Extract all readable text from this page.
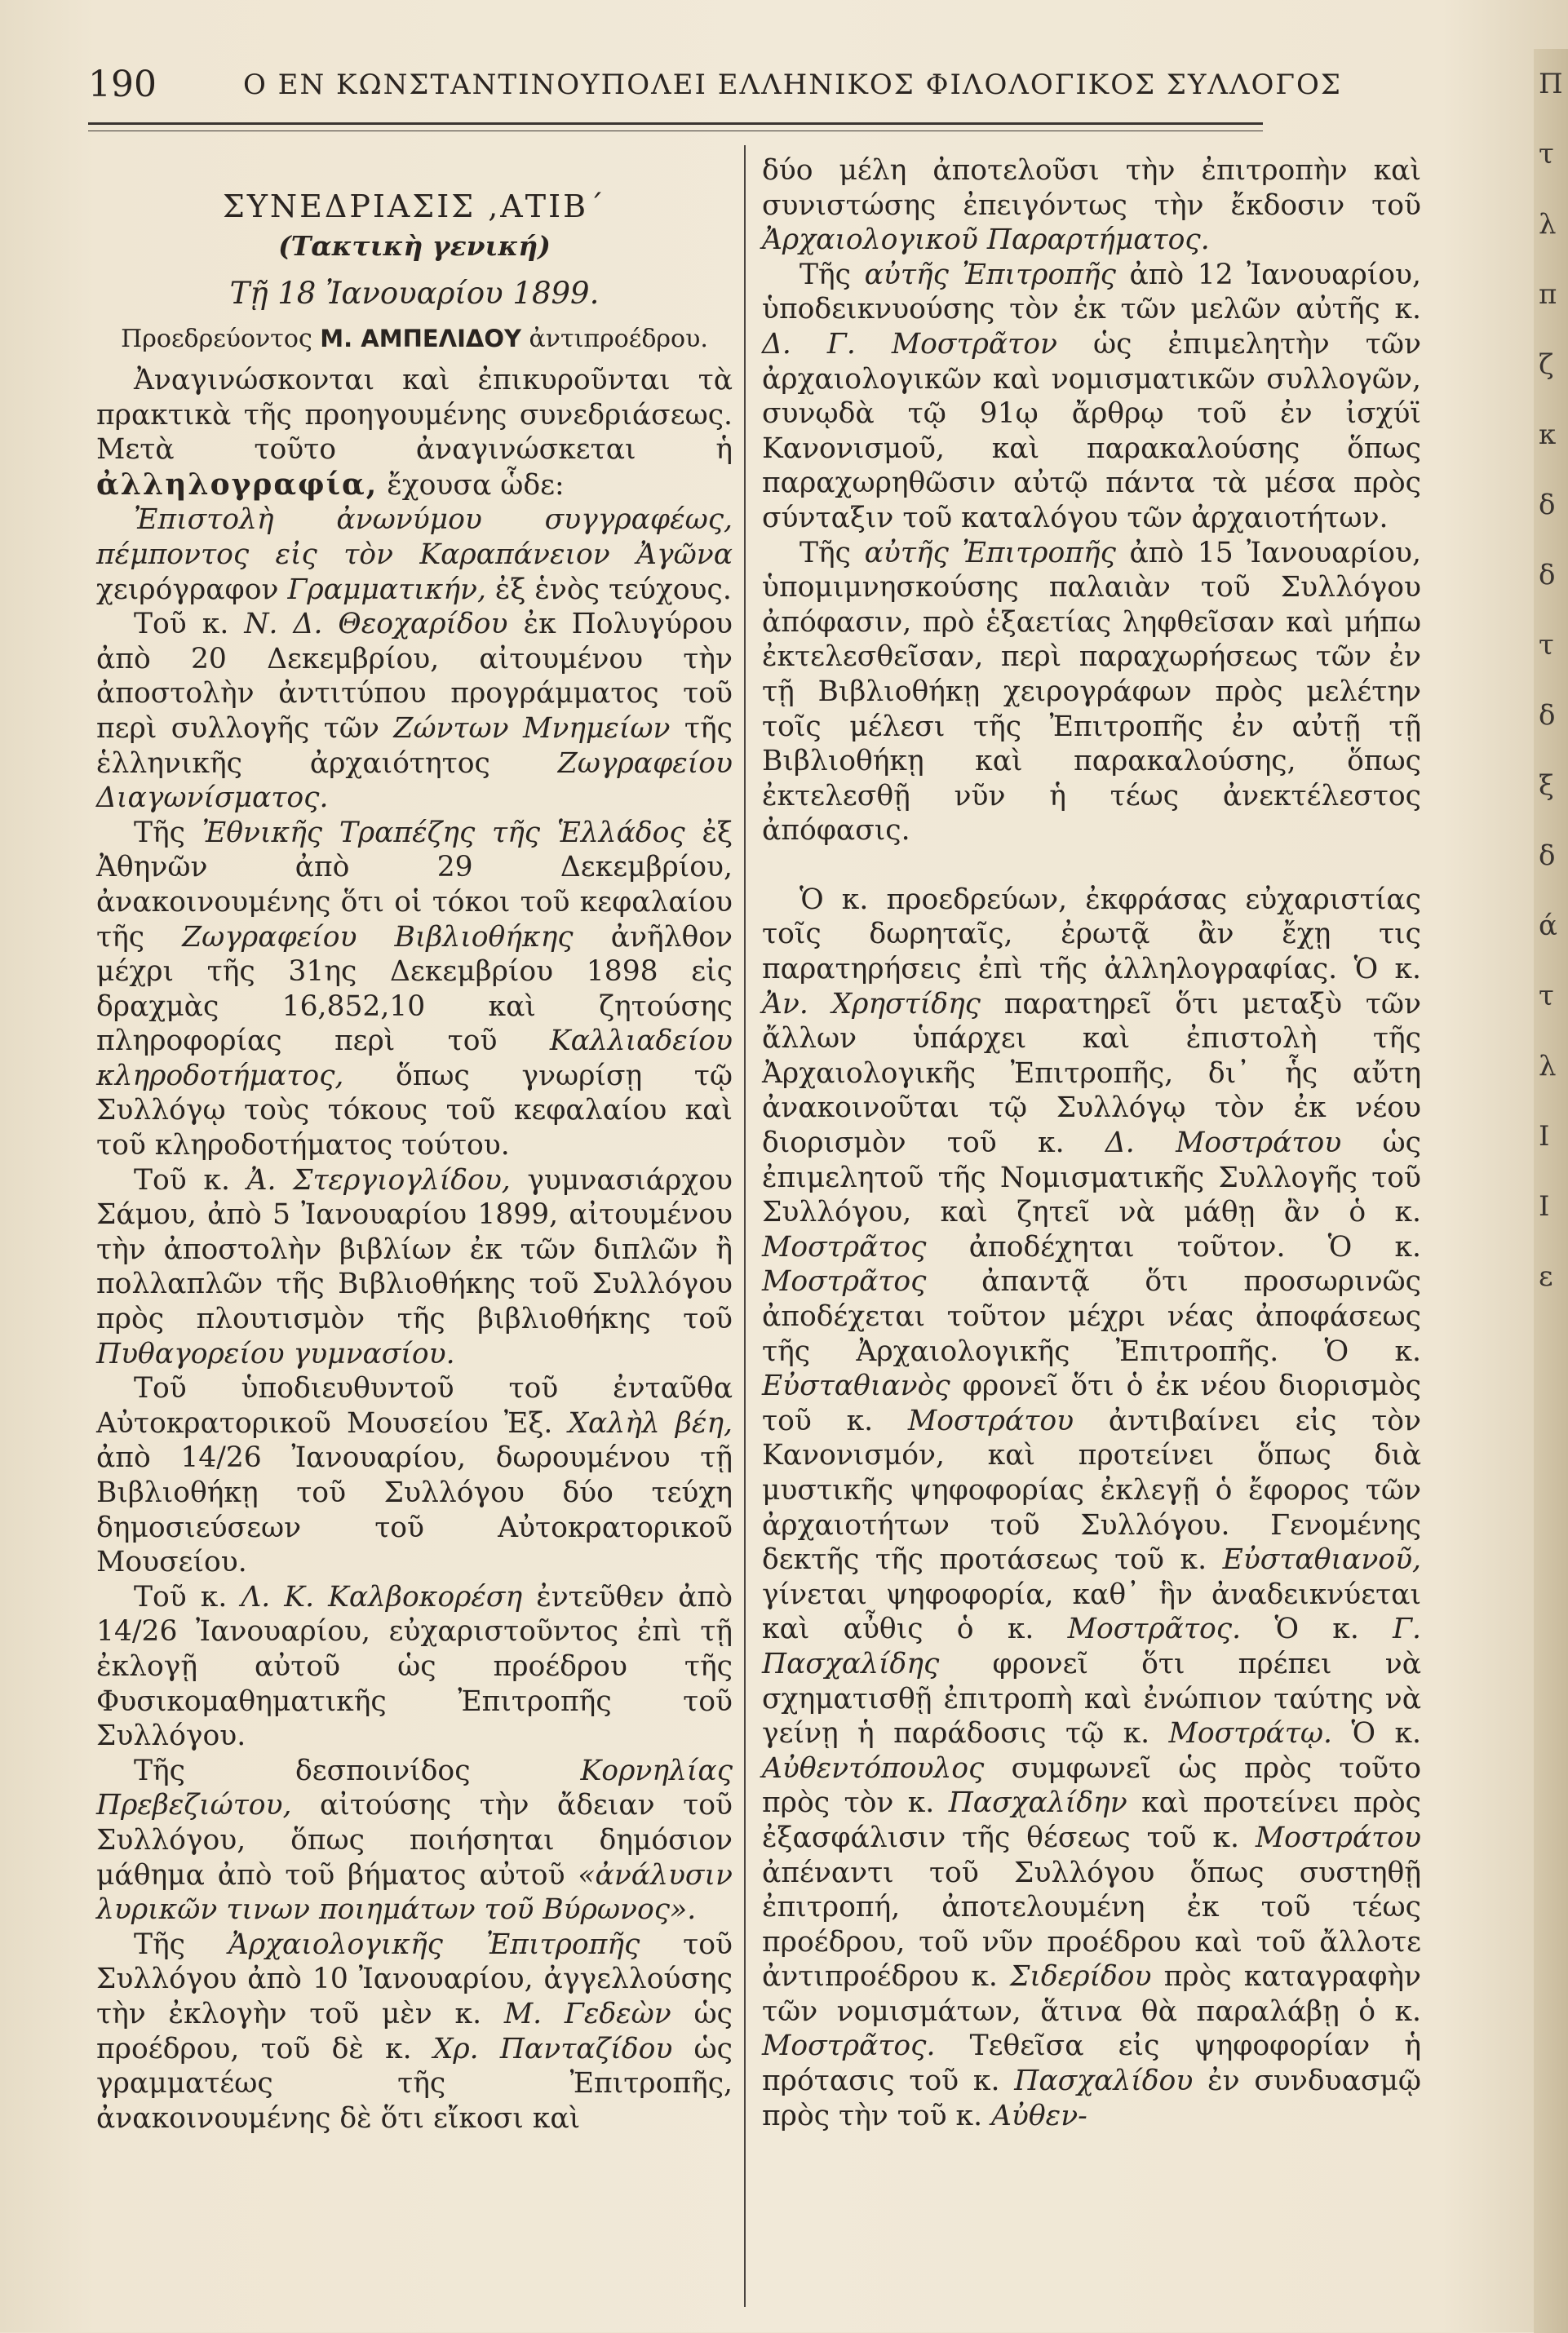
190	Ο ΕΝ ΚΩΝΣΤΑΝΤΙΝΟΥΠΟΛΕΙ ΕΛΛΗΝΙΚΟΣ ΦΙΛΟΛΟΓΙΚΟΣ ΣΥΛΛΟΓΟΣ
ΣΥΝΕΔΡΙΑΣΙΣ ,ΑΤΙΒ΄
(Τακτικὴ γενική)
Τῇ 18 Ἰανουαρίου 1899.
Προεδρεύοντος Μ. ΑΜΠΕΛΙΔΟΥ ἀντιπροέδρου.

Ἀναγινώσκονται καὶ ἐπικυροῦνται τὰ πρακτικὰ τῆς προηγουμένης συνεδριάσεως. Μετὰ τοῦτο ἀναγινώσκεται ἡ ἀλληλογραφία, ἔχουσα ὧδε:

Ἐπιστολὴ ἀνωνύμου συγγραφέως, πέμποντος εἰς τὸν Καραπάνειον Ἀγῶνα χειρόγραφον Γραμματικήν, ἐξ ἑνὸς τεύχους.

Τοῦ κ. Ν. Δ. Θεοχαρίδου ἐκ Πολυγύρου ἀπὸ 20 Δεκεμβρίου, αἰτουμένου τὴν ἀποστολὴν ἀντιτύπου προγράμματος τοῦ περὶ συλλογῆς τῶν Ζώντων Μνημείων τῆς ἑλληνικῆς ἀρχαιότητος Ζωγραφείου Διαγωνίσματος.

Τῆς Ἐθνικῆς Τραπέζης τῆς Ἑλλάδος ἐξ Ἀθηνῶν ἀπὸ 29 Δεκεμβρίου, ἀνακοινουμένης ὅτι οἱ τόκοι τοῦ κεφαλαίου τῆς Ζωγραφείου Βιβλιοθήκης ἀνῆλθον μέχρι τῆς 31ης Δεκεμβρίου 1898 εἰς δραχμὰς 16,852,10 καὶ ζητούσης πληροφορίας περὶ τοῦ Καλλιαδείου κληροδοτήματος, ὅπως γνωρίσῃ τῷ Συλλόγῳ τοὺς τόκους τοῦ κεφαλαίου καὶ τοῦ κληροδοτήματος τούτου.

Τοῦ κ. Ἀ. Στεργιογλίδου, γυμνασιάρχου Σάμου, ἀπὸ 5 Ἰανουαρίου 1899, αἰτουμένου τὴν ἀποστολὴν βιβλίων ἐκ τῶν διπλῶν ἢ πολλαπλῶν τῆς Βιβλιοθήκης τοῦ Συλλόγου πρὸς πλουτισμὸν τῆς βιβλιοθήκης τοῦ Πυθαγορείου γυμνασίου.

Τοῦ ὑποδιευθυντοῦ τοῦ ἐνταῦθα Αὐτοκρατορικοῦ Μουσείου Ἐξ. Χαλὴλ βέη, ἀπὸ 14/26 Ἰανουαρίου, δωρουμένου τῇ Βιβλιοθήκῃ τοῦ Συλλόγου δύο τεύχη δημοσιεύσεων τοῦ Αὐτοκρατορικοῦ Μουσείου.

Τοῦ κ. Λ. Κ. Καλβοκορέση ἐντεῦθεν ἀπὸ 14/26 Ἰανουαρίου, εὐχαριστοῦντος ἐπὶ τῇ ἐκλογῇ αὐτοῦ ὡς προέδρου τῆς Φυσικομαθηματικῆς Ἐπιτροπῆς τοῦ Συλλόγου.

Τῆς δεσποινίδος	Κορνηλίας Πρεβεζιώτου, αἰτούσης τὴν ἄδειαν τοῦ Συλλόγου, ὅπως ποιήσηται δημόσιον μάθημα ἀπὸ τοῦ βήματος αὐτοῦ «ἀνάλυσιν λυρικῶν τινων ποιημάτων τοῦ Βύρωνος».

Τῆς Ἀρχαιολογικῆς Ἐπιτροπῆς τοῦ Συλλόγου ἀπὸ 10 Ἰανουαρίου, ἀγγελλούσης τὴν ἐκλογὴν τοῦ μὲν κ. Μ. Γεδεὼν ὡς προέδρου, τοῦ δὲ κ. Χρ. Πανταζίδου ὡς γραμματέως τῆς Ἐπιτροπῆς, ἀνακοινουμένης δὲ ὅτι εἴκοσι καὶ

δύο μέλη ἀποτελοῦσι τὴν ἐπιτροπὴν καὶ συνιστώσης ἐπειγόντως τὴν ἔκδοσιν τοῦ Ἀρχαιολογικοῦ Παραρτήματος.

Τῆς αὐτῆς Ἐπιτροπῆς ἀπὸ 12 Ἰανουαρίου, ὑποδεικνυούσης τὸν ἐκ τῶν μελῶν αὐτῆς κ. Δ. Γ. Μοστρᾶτον ὡς ἐπιμελητὴν τῶν ἀρχαιολογικῶν καὶ νομισματικῶν συλλογῶν, συνῳδὰ τῷ 91ῳ ἄρθρῳ τοῦ ἐν ἰσχύϊ Κανονισμοῦ, καὶ παρακαλούσης ὅπως παραχωρηθῶσιν αὐτῷ πάντα τὰ μέσα πρὸς σύνταξιν τοῦ καταλόγου τῶν ἀρχαιοτήτων.

Τῆς αὐτῆς Ἐπιτροπῆς ἀπὸ 15 Ἰανουαρίου, ὑπομιμνησκούσης παλαιὰν τοῦ Συλλόγου ἀπόφασιν, πρὸ ἑξαετίας ληφθεῖσαν καὶ μήπω ἐκτελεσθεῖσαν, περὶ παραχωρήσεως τῶν ἐν τῇ Βιβλιοθήκῃ χειρογράφων πρὸς μελέτην τοῖς μέλεσι τῆς Ἐπιτροπῆς ἐν αὐτῇ τῇ Βιβλιοθήκῃ καὶ παρακαλούσης, ὅπως ἐκτελεσθῇ νῦν ἡ τέως ἀνεκτέλεστος ἀπόφασις.

Ὁ κ. προεδρεύων, ἐκφράσας εὐχαριστίας τοῖς δωρηταῖς, ἐρωτᾷ ἂν ἔχῃ τις παρατηρήσεις ἐπὶ τῆς ἀλληλογραφίας. Ὁ κ. Ἀν. Χρηστίδης παρατηρεῖ ὅτι μεταξὺ τῶν ἄλλων ὑπάρχει καὶ ἐπιστολὴ τῆς Ἀρχαιολογικῆς Ἐπιτροπῆς, δι᾿ ἧς αὔτη ἀνακοινοῦται τῷ Συλλόγῳ τὸν ἐκ νέου διορισμὸν τοῦ κ. Δ. Μοστράτου ὡς ἐπιμελητοῦ τῆς Νομισματικῆς Συλλογῆς τοῦ Συλλόγου, καὶ ζητεῖ νὰ μάθῃ ἂν ὁ κ. Μοστρᾶτος ἀποδέχηται τοῦτον. Ὁ κ. Μοστρᾶτος ἀπαντᾷ ὅτι προσωρινῶς ἀποδέχεται τοῦτον μέχρι νέας ἀποφάσεως τῆς Ἀρχαιολογικῆς Ἐπιτροπῆς. Ὁ κ. Εὐσταθιανὸς φρονεῖ ὅτι ὁ ἐκ νέου διορισμὸς τοῦ κ. Μοστράτου ἀντιβαίνει εἰς τὸν Κανονισμόν, καὶ προτείνει ὅπως διὰ μυστικῆς ψηφοφορίας ἐκλεγῇ ὁ ἔφορος τῶν ἀρχαιοτήτων τοῦ Συλλόγου. Γενομένης δεκτῆς τῆς προτάσεως τοῦ κ. Εὐσταθιανοῦ, γίνεται ψηφοφορία, καθ᾿ ἣν ἀναδεικνύεται καὶ αὖθις ὁ κ. Μοστρᾶτος. Ὁ κ. Γ. Πασχαλίδης φρονεῖ ὅτι πρέπει νὰ σχηματισθῇ ἐπιτροπὴ καὶ ἐνώπιον ταύτης νὰ γείνῃ ἡ παράδοσις τῷ κ. Μοστράτῳ. Ὁ κ. Αὐθεντόπουλος συμφωνεῖ ὡς πρὸς τοῦτο πρὸς τὸν κ. Πασχαλίδην καὶ προτείνει πρὸς ἐξασφάλισιν τῆς θέσεως τοῦ κ. Μοστράτου ἀπέναντι τοῦ Συλλόγου ὅπως συστηθῇ ἐπιτροπή, ἀποτελουμένη ἐκ τοῦ τέως προέδρου, τοῦ νῦν προέδρου καὶ τοῦ ἄλλοτε ἀντιπροέδρου κ. Σιδερίδου πρὸς καταγραφὴν τῶν νομισμάτων, ἅτινα θὰ παραλάβῃ ὁ κ. Μοστρᾶτος. Τεθεῖσα εἰς ψηφοφορίαν ἡ πρότασις τοῦ κ. Πασχαλίδου ἐν συνδυασμῷ πρὸς τὴν τοῦ κ. Αὐθεν-

Π
τ
λ
π
ζ
κ
δ
δ
τ
δ
ξ
δ
ά
τ
λ
Ι
Ι
ε
